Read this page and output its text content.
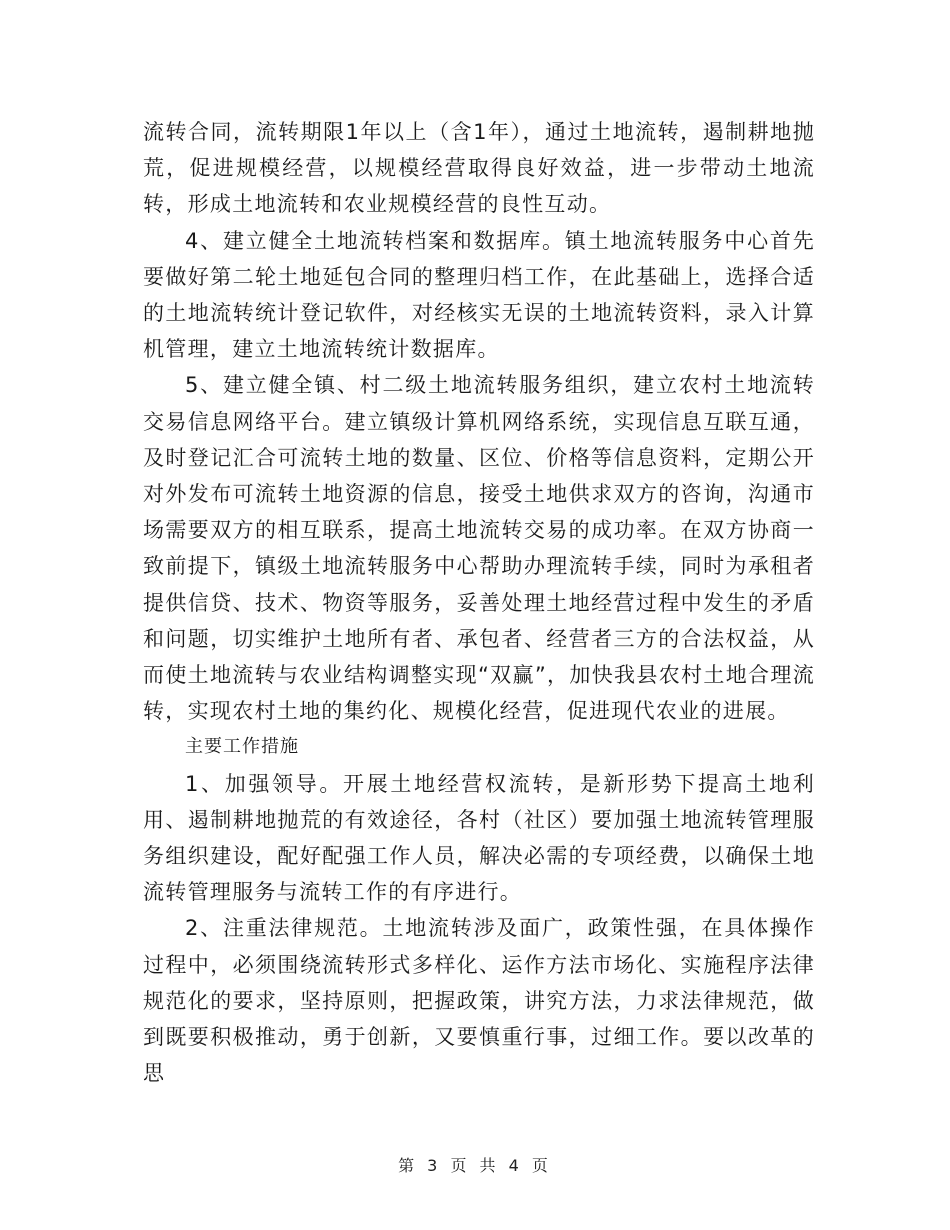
流转合同，流转期限1年以上（含1年），通过土地流转，遏制耕地抛荒，促进规模经营，以规模经营取得良好效益，进一步带动土地流转，形成土地流转和农业规模经营的良性互动。

4、建立健全土地流转档案和数据库。镇土地流转服务中心首先要做好第二轮土地延包合同的整理归档工作，在此基础上，选择合适的土地流转统计登记软件，对经核实无误的土地流转资料，录入计算机管理，建立土地流转统计数据库。

5、建立健全镇、村二级土地流转服务组织，建立农村土地流转交易信息网络平台。建立镇级计算机网络系统，实现信息互联互通，及时登记汇合可流转土地的数量、区位、价格等信息资料，定期公开对外发布可流转土地资源的信息，接受土地供求双方的咨询，沟通市场需要双方的相互联系，提高土地流转交易的成功率。在双方协商一致前提下，镇级土地流转服务中心帮助办理流转手续，同时为承租者提供信贷、技术、物资等服务，妥善处理土地经营过程中发生的矛盾和问题，切实维护土地所有者、承包者、经营者三方的合法权益，从而使土地流转与农业结构调整实现“双赢”，加快我县农村土地合理流转，实现农村土地的集约化、规模化经营，促进现代农业的进展。

主要工作措施

1、加强领导。开展土地经营权流转，是新形势下提高土地利用、遏制耕地抛荒的有效途径，各村（社区）要加强土地流转管理服务组织建设，配好配强工作人员，解决必需的专项经费，以确保土地流转管理服务与流转工作的有序进行。

2、注重法律规范。土地流转涉及面广，政策性强，在具体操作过程中，必须围绕流转形式多样化、运作方法市场化、实施程序法律规范化的要求，坚持原则，把握政策，讲究方法，力求法律规范，做到既要积极推动，勇于创新，又要慎重行事，过细工作。要以改革的思

第 3 页 共 4 页
